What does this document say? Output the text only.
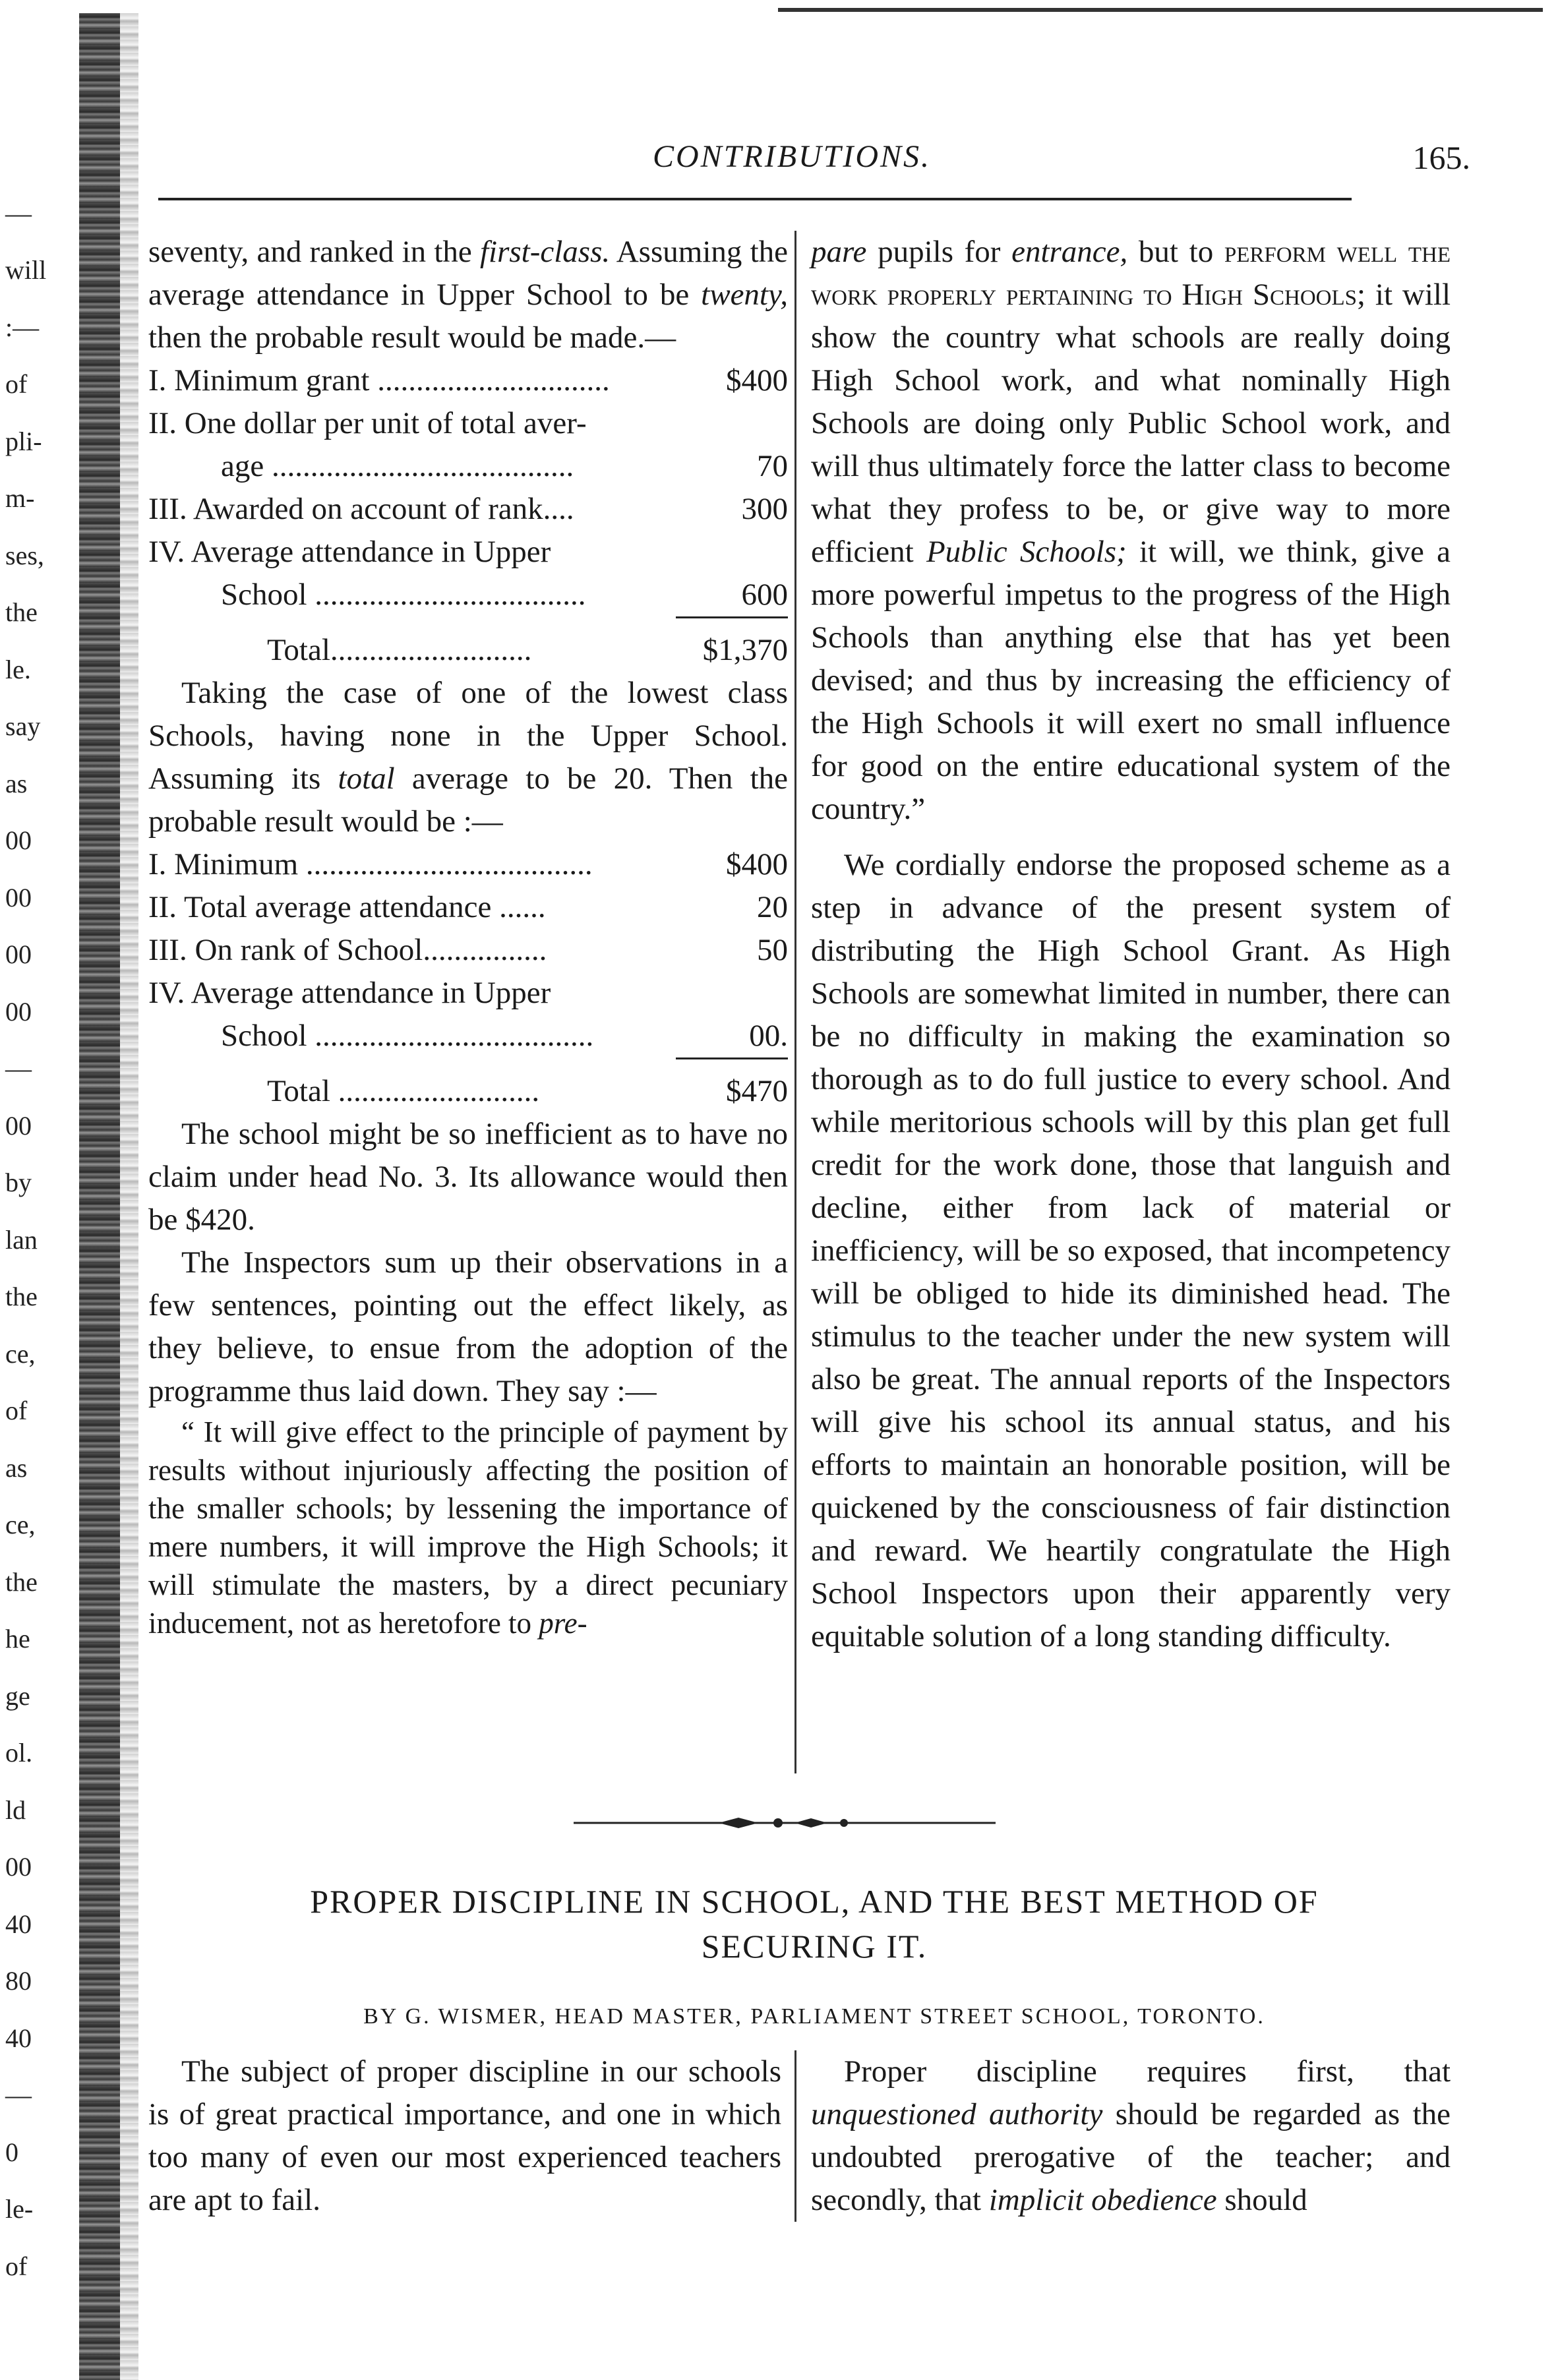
—
will
:—
of
pli-
m-
ses,
the
le.
say
as
00
00
00
00
—
00
by
lan
the
ce,
of
as
ce,
the
he
ge
ol.
ld
00
40
80
40
—
0
le-
of
CONTRIBUTIONS.	165.

seventy, and ranked in the first-class. Assuming the average attendance in Upper School to be twenty, then the probable result would be made.—

I. Minimum grant ..............................	$400
II. One dollar per unit of total aver-
age .......................................	70
III. Awarded on account of rank....	300
IV. Average attendance in Upper
School ...................................	600
Total..........................	$1,370

Taking the case of one of the lowest class Schools, having none in the Upper School. Assuming its total average to be 20. Then the probable result would be :—

I. Minimum .....................................	$400
II. Total average attendance ......	20
III. On rank of School................	50
IV. Average attendance in Upper
School ....................................	00.
Total ..........................	$470

The school might be so inefficient as to have no claim under head No. 3. Its allowance would then be $420.

The Inspectors sum up their observations in a few sentences, pointing out the effect likely, as they believe, to ensue from the adoption of the programme thus laid down. They say :—

“ It will give effect to the principle of payment by results without injuriously affecting the position of the smaller schools; by lessening the importance of mere numbers, it will improve the High Schools; it will stimulate the masters, by a direct pecuniary inducement, not as heretofore to pre-

pare pupils for entrance, but to perform well the work properly pertaining to High Schools; it will show the country what schools are really doing High School work, and what nominally High Schools are doing only Public School work, and will thus ultimately force the latter class to become what they profess to be, or give way to more efficient Public Schools; it will, we think, give a more powerful impetus to the progress of the High Schools than anything else that has yet been devised; and thus by increasing the efficiency of the High Schools it will exert no small influence for good on the entire educational system of the country.”

We cordially endorse the proposed scheme as a step in advance of the present system of distributing the High School Grant. As High Schools are somewhat limited in number, there can be no difficulty in making the examination so thorough as to do full justice to every school. And while meritorious schools will by this plan get full credit for the work done, those that languish and decline, either from lack of material or inefficiency, will be so exposed, that incompetency will be obliged to hide its diminished head. The stimulus to the teacher under the new system will also be great. The annual reports of the Inspectors will give his school its annual status, and his efforts to maintain an honorable position, will be quickened by the consciousness of fair distinction and reward. We heartily congratulate the High School Inspectors upon their apparently very equitable solution of a long standing difficulty.

PROPER DISCIPLINE IN SCHOOL, AND THE BEST METHOD OF
SECURING IT.
BY G. WISMER, HEAD MASTER, PARLIAMENT STREET SCHOOL, TORONTO.

The subject of proper discipline in our schools is of great practical importance, and one in which too many of even our most experienced teachers are apt to fail.

Proper discipline requires first, that unquestioned authority should be regarded as the undoubted prerogative of the teacher; and secondly, that implicit obedience should
